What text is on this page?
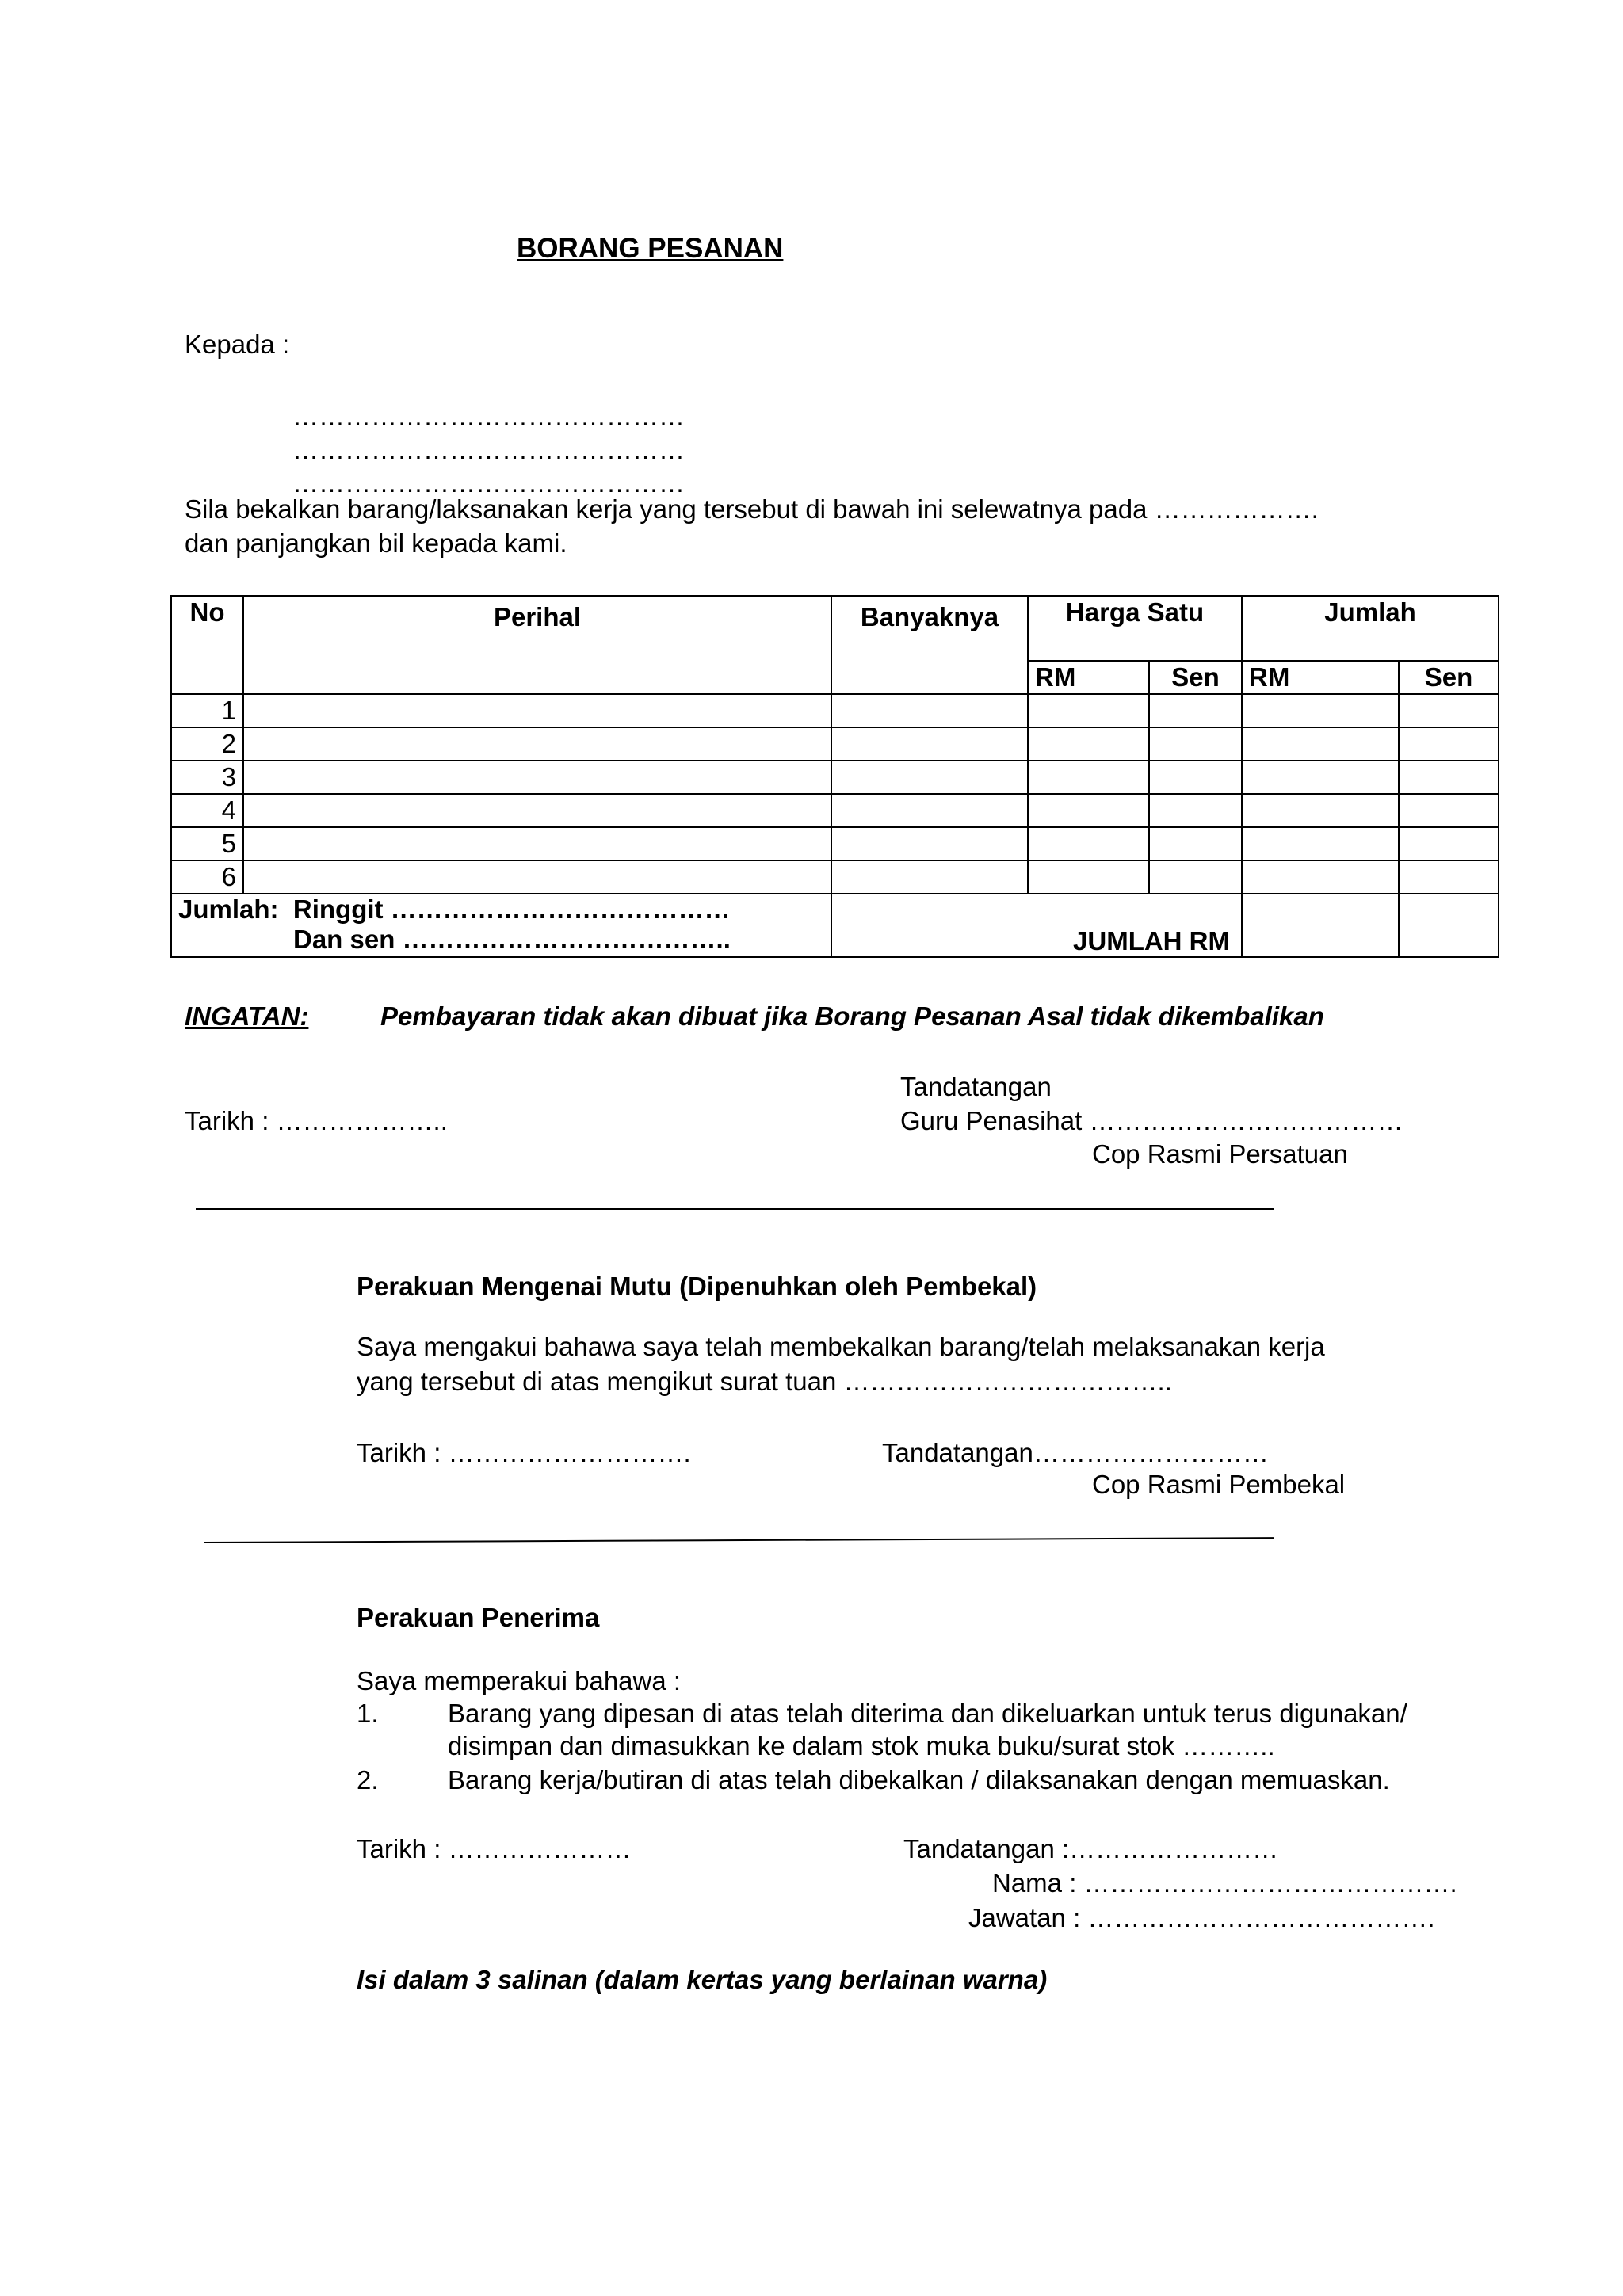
BORANG PESANAN
Kepada :
………………………………………
………………………………………
………………………………………
Sila bekalkan barang/laksanakan kerja yang tersebut di bawah ini selewatnya pada ……………….
dan panjangkan bil kepada kami.
No	Perihal	Banyaknya	Harga Satu		Jumlah	
			RM	Sen	RM	Sen
1						
2						
3						
4						
5						
6						

Jumlah: Ringgit …………………………………
Dan sen ………………………………..		JUMLAH RM				
INGATAN:	Pembayaran tidak akan dibuat jika Borang Pesanan Asal tidak dikembalikan
Tandatangan
Tarikh : ………………..	Guru Penasihat ………………………………
Cop Rasmi Persatuan
Perakuan Mengenai Mutu (Dipenuhkan oleh Pembekal)
Saya mengakui bahawa saya telah membekalkan barang/telah melaksanakan kerja
yang tersebut di atas mengikut surat tuan ………………………………..
Tarikh : ……………………….	Tandatangan………………………
Cop Rasmi Pembekal
Perakuan Penerima
Saya memperakui bahawa :
1.	Barang yang dipesan di atas telah diterima dan dikeluarkan untuk terus digunakan/
disimpan dan dimasukkan ke dalam stok muka buku/surat stok ………..
2.	Barang kerja/butiran di atas telah dibekalkan / dilaksanakan dengan memuaskan.
Tarikh : …………………	Tandatangan :……………………
Nama : …………………………………….
Jawatan : ………………………………….
Isi dalam 3 salinan (dalam kertas yang berlainan warna)
